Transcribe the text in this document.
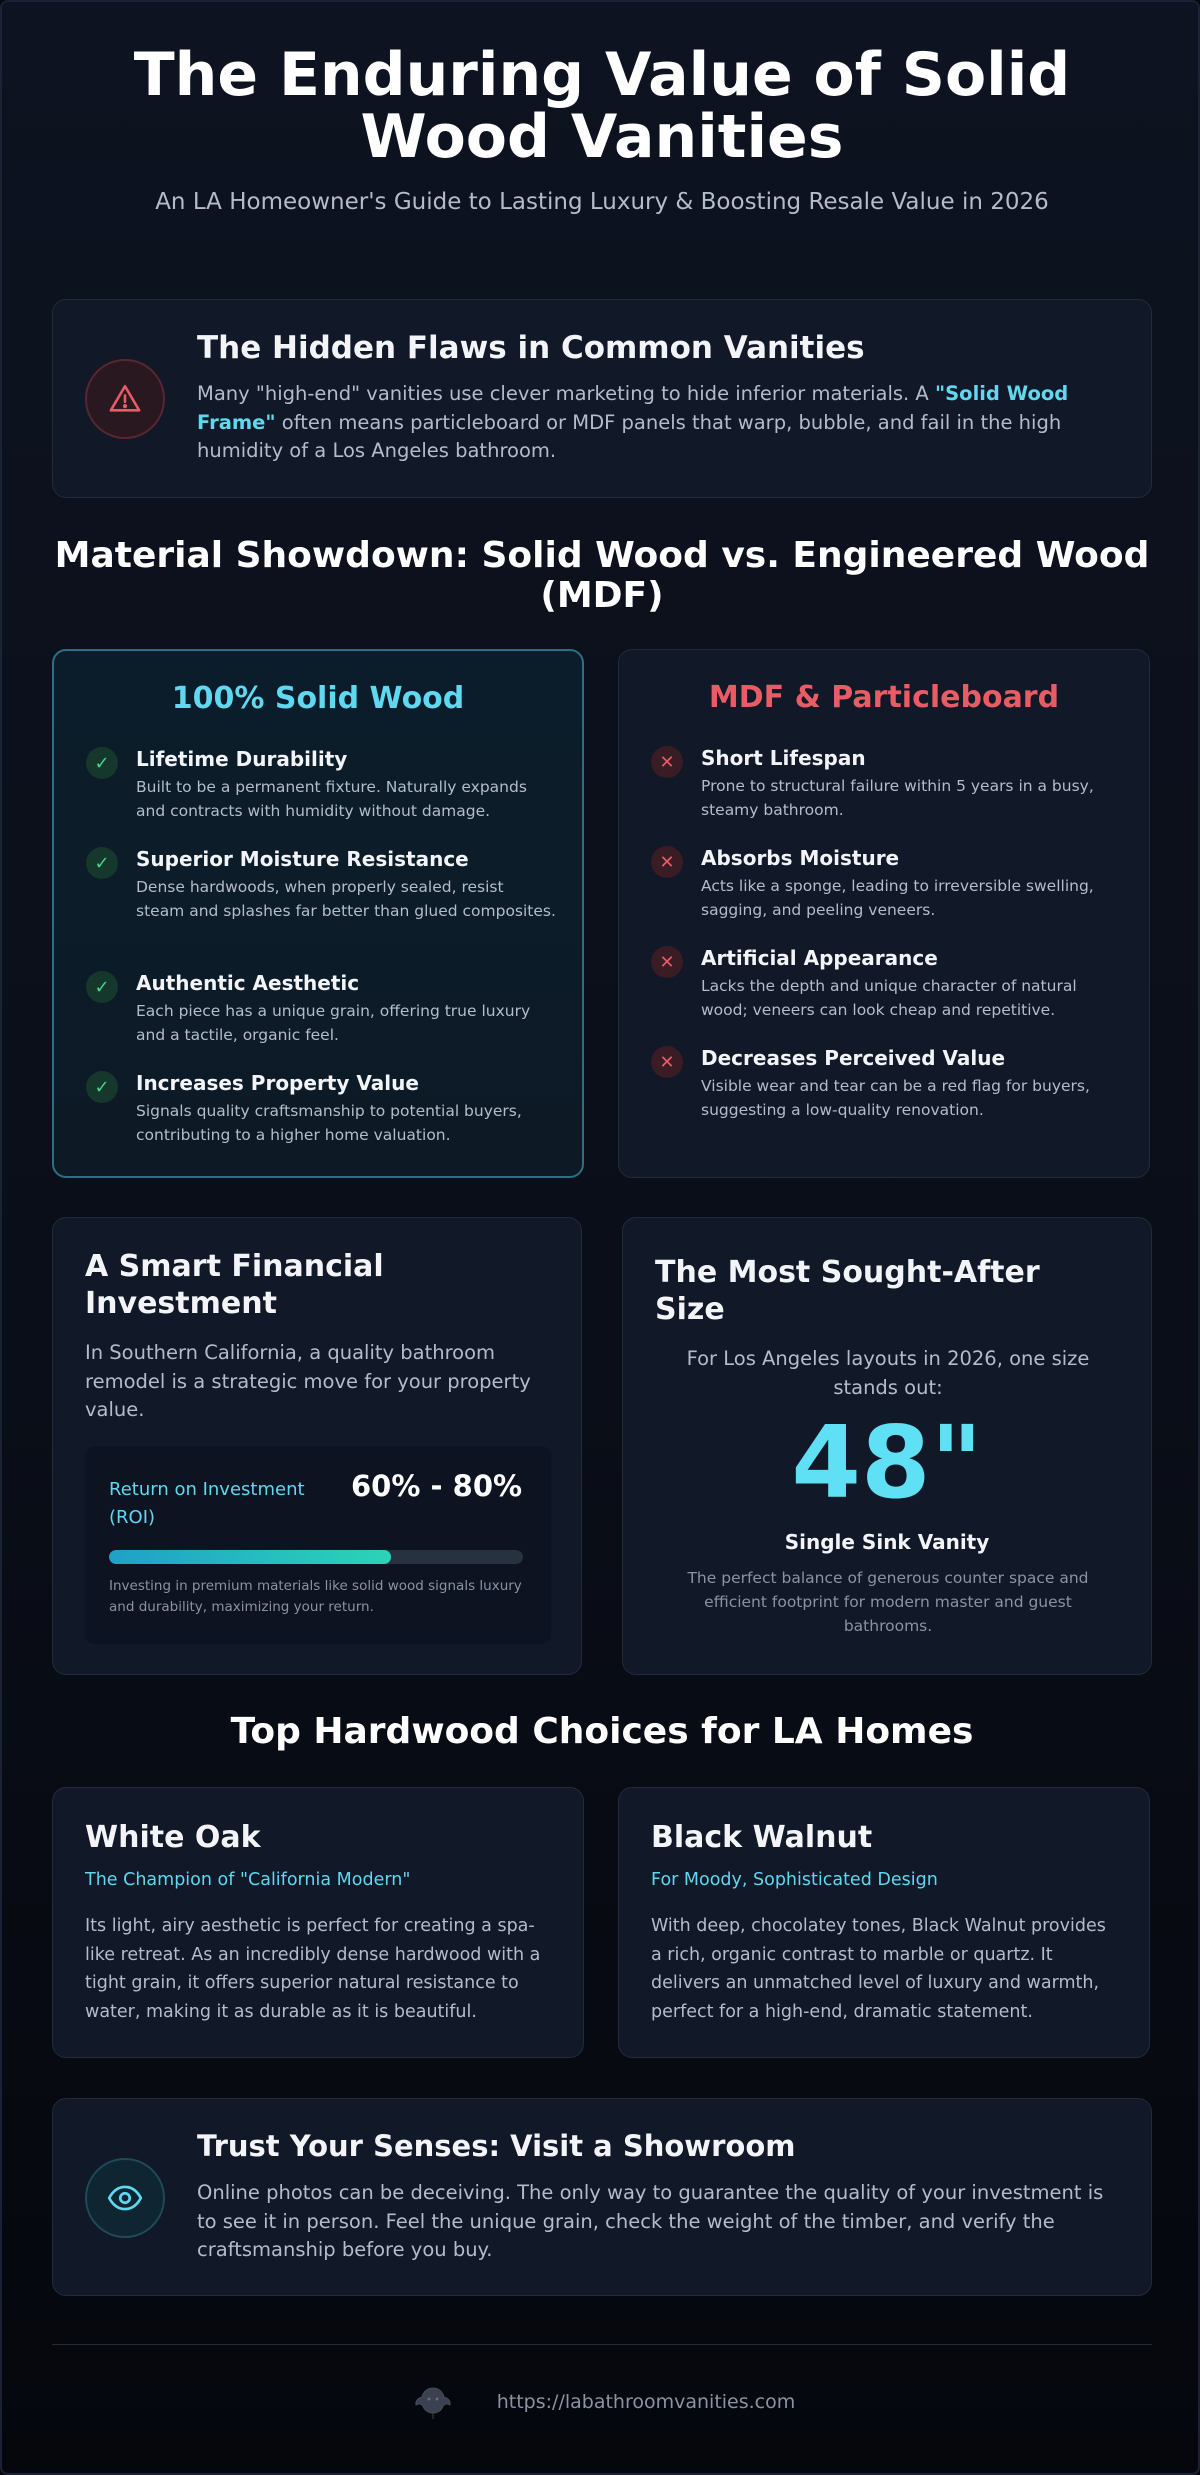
The Enduring Value of Solid Wood Vanities
An LA Homeowner's Guide to Lasting Luxury & Boosting Resale Value in 2026
The Hidden Flaws in Common Vanities

Many "high-end" vanities use clever marketing to hide inferior materials. A "Solid Wood Frame" often means particleboard or MDF panels that warp, bubble, and fail in the high humidity of a Los Angeles bathroom.

Material Showdown: Solid Wood vs. Engineered Wood (MDF)
100% Solid Wood
✓	Lifetime Durability

Built to be a permanent fixture. Naturally expands and contracts with humidity without damage.

✓	Superior Moisture Resistance

Dense hardwoods, when properly sealed, resist steam and splashes far better than glued composites.

✓	Authentic Aesthetic

Each piece has a unique grain, offering true luxury and a tactile, organic feel.

✓	Increases Property Value

Signals quality craftsmanship to potential buyers, contributing to a higher home valuation.

MDF & Particleboard
✕	Short Lifespan

Prone to structural failure within 5 years in a busy, steamy bathroom.

✕	Absorbs Moisture

Acts like a sponge, leading to irreversible swelling, sagging, and peeling veneers.

✕	Artificial Appearance

Lacks the depth and unique character of natural wood; veneers can look cheap and repetitive.

✕	Decreases Perceived Value

Visible wear and tear can be a red flag for buyers, suggesting a low-quality renovation.

A Smart Financial Investment

In Southern California, a quality bathroom remodel is a strategic move for your property value.

Return on Investment (ROI)
60% - 80%
Investing in premium materials like solid wood signals luxury and durability, maximizing your return.
The Most Sought-After Size

For Los Angeles layouts in 2026, one size stands out:

48"
Single Sink Vanity
The perfect balance of generous counter space and efficient footprint for modern master and guest bathrooms.
Top Hardwood Choices for LA Homes
White Oak
The Champion of "California Modern"

Its light, airy aesthetic is perfect for creating a spa-like retreat. As an incredibly dense hardwood with a tight grain, it offers superior natural resistance to water, making it as durable as it is beautiful.

Black Walnut
For Moody, Sophisticated Design

With deep, chocolatey tones, Black Walnut provides a rich, organic contrast to marble or quartz. It delivers an unmatched level of luxury and warmth, perfect for a high-end, dramatic statement.

Trust Your Senses: Visit a Showroom

Online photos can be deceiving. The only way to guarantee the quality of your investment is to see it in person. Feel the unique grain, check the weight of the timber, and verify the craftsmanship before you buy.

https://labathroomvanities.com
